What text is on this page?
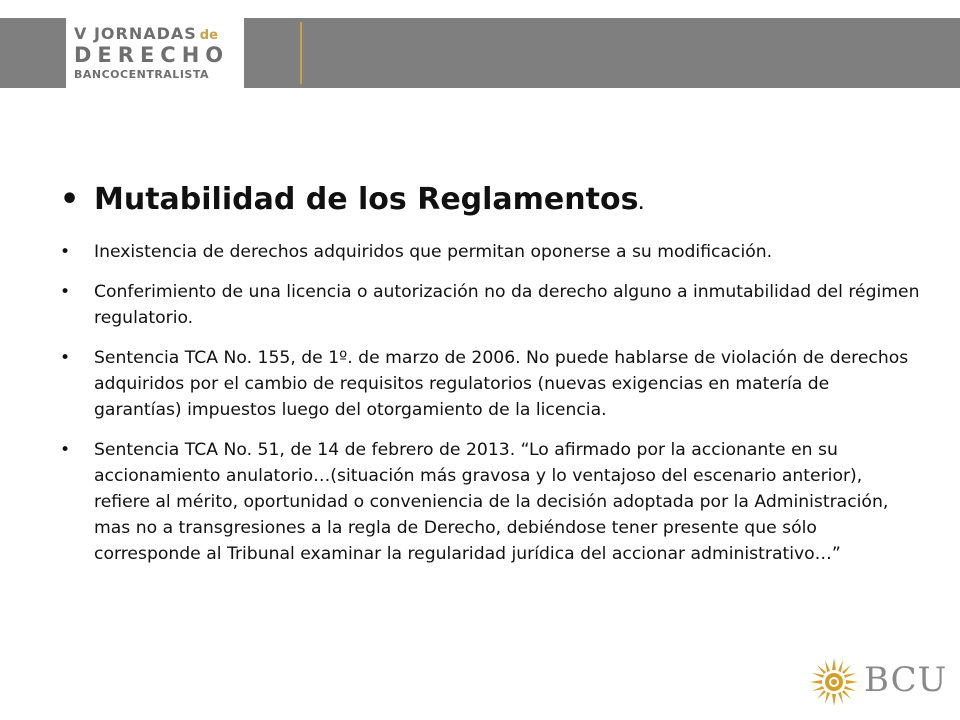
V JORNADAS de
DERECHO
BANCOCENTRALISTA
• Mutabilidad de los Reglamentos.
•	Inexistencia de derechos adquiridos que permitan oponerse a su modificación.
•	Conferimiento de una licencia o autorización no da derecho alguno a inmutabilidad del régimen regulatorio.
•	Sentencia TCA No. 155, de 1º. de marzo de 2006. No puede hablarse de violación de derechos adquiridos por el cambio de requisitos regulatorios (nuevas exigencias en matería de garantías) impuestos luego del otorgamiento de la licencia.
•	Sentencia TCA No. 51, de 14 de febrero de 2013. “Lo afirmado por la accionante en su accionamiento anulatorio…(situación más gravosa y lo ventajoso del escenario anterior), refiere al mérito, oportunidad o conveniencia de la decisión adoptada por la Administración, mas no a transgresiones a la regla de Derecho, debiéndose tener presente que sólo corresponde al Tribunal examinar la regularidad jurídica del accionar administrativo…”
BCU
